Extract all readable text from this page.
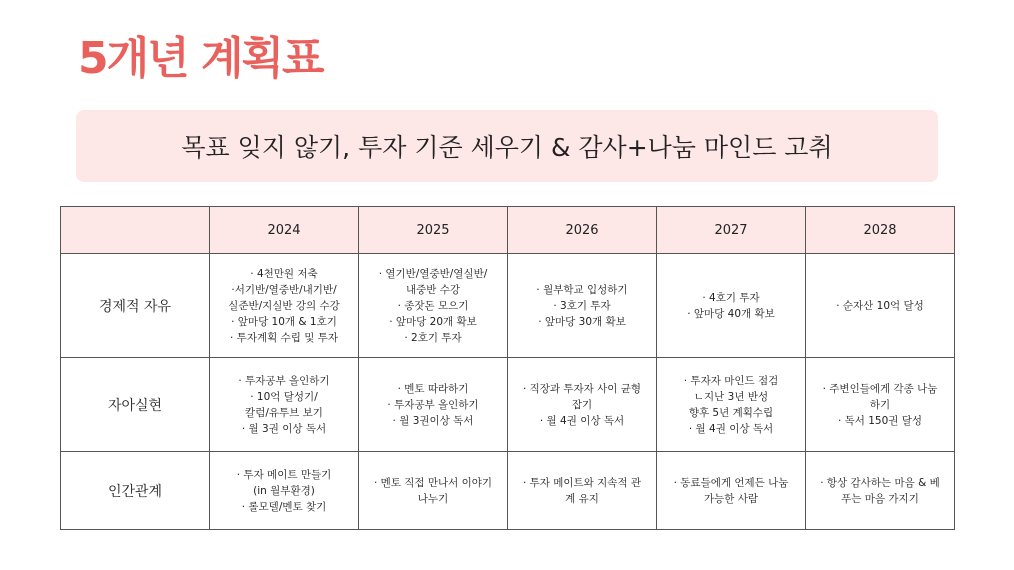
5개년 계획표
목표 잊지 않기, 투자 기준 세우기 & 감사+나눔 마인드 고취
	2024	2025	2026	2027	2028
경제적 자유	· 4천만원 저축
·서기반/열중반/내기반/
실준반/지실반 강의 수강
· 앞마당 10개 & 1호기
· 투자계획 수립 및 투자	· 열기반/열중반/열실반/
내중반 수강
· 종잣돈 모으기
· 앞마당 20개 확보
· 2호기 투자	· 월부학교 입성하기
· 3호기 투자
· 앞마당 30개 확보	· 4호기 투자
· 앞마당 40개 확보	· 순자산 10억 달성
자아실현	· 투자공부 올인하기
· 10억 달성기/
칼럼/유투브 보기
· 월 3권 이상 독서	· 멘토 따라하기
· 투자공부 올인하기
· 월 3권이상 독서	· 직장과 투자자 사이 균형
잡기
· 월 4권 이상 독서	· 투자자 마인드 점검
ㄴ지난 3년 반성
향후 5년 계획수립
· 월 4권 이상 독서	· 주변인들에게 각종 나눔
하기
· 독서 150권 달성
인간관계	· 투자 메이트 만들기
(in 월부환경)
· 롤모델/멘토 찾기	· 멘토 직접 만나서 이야기
나누기	· 투자 메이트와 지속적 관
계 유지	· 동료들에게 언제든 나눔
가능한 사람	· 항상 감사하는 마음 & 베
푸는 마음 가지기
